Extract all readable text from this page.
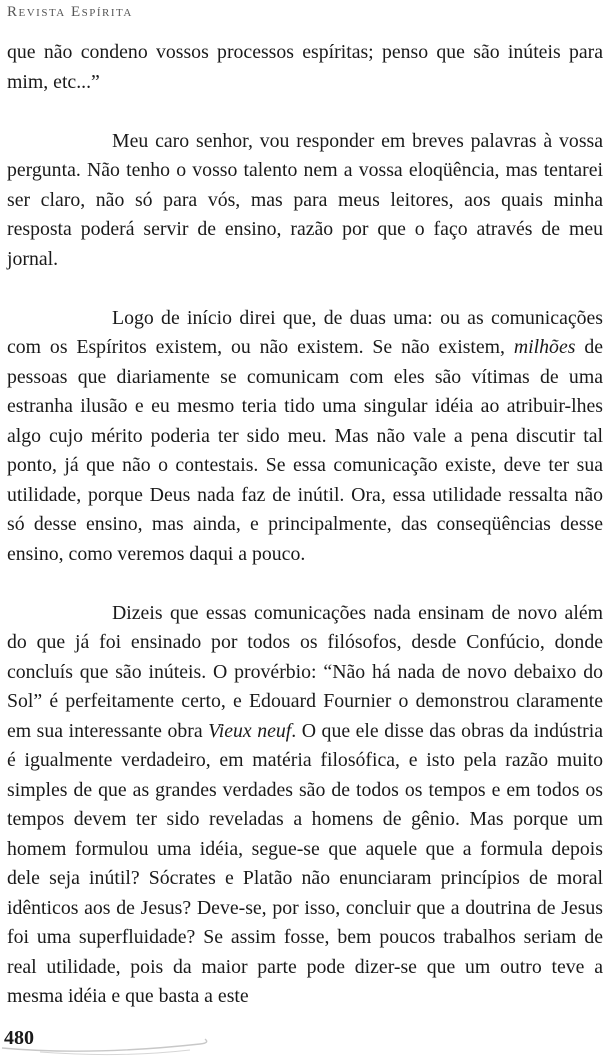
Revista Espírita

que não condeno vossos processos espíritas; penso que são inúteis para mim, etc...”

Meu caro senhor, vou responder em breves palavras à vossa pergunta. Não tenho o vosso talento nem a vossa eloqüência, mas tentarei ser claro, não só para vós, mas para meus leitores, aos quais minha resposta poderá servir de ensino, razão por que o faço através de meu jornal.

Logo de início direi que, de duas uma: ou as comunicações com os Espíritos existem, ou não existem. Se não existem, milhões de pessoas que diariamente se comunicam com eles são vítimas de uma estranha ilusão e eu mesmo teria tido uma singular idéia ao atribuir-lhes algo cujo mérito poderia ter sido meu. Mas não vale a pena discutir tal ponto, já que não o contestais. Se essa comunicação existe, deve ter sua utilidade, porque Deus nada faz de inútil. Ora, essa utilidade ressalta não só desse ensino, mas ainda, e principalmente, das conseqüências desse ensino, como veremos daqui a pouco.

Dizeis que essas comunicações nada ensinam de novo além do que já foi ensinado por todos os filósofos, desde Confúcio, donde concluís que são inúteis. O provérbio: “Não há nada de novo debaixo do Sol” é perfeitamente certo, e Edouard Fournier o demonstrou claramente em sua interessante obra Vieux neuf. O que ele disse das obras da indústria é igualmente verdadeiro, em matéria filosófica, e isto pela razão muito simples de que as grandes verdades são de todos os tempos e em todos os tempos devem ter sido reveladas a homens de gênio. Mas porque um homem formulou uma idéia, segue-se que aquele que a formula depois dele seja inútil? Sócrates e Platão não enunciaram princípios de moral idênticos aos de Jesus? Deve-se, por isso, concluir que a doutrina de Jesus foi uma superfluidade? Se assim fosse, bem poucos trabalhos seriam de real utilidade, pois da maior parte pode dizer-se que um outro teve a mesma idéia e que basta a este

480
